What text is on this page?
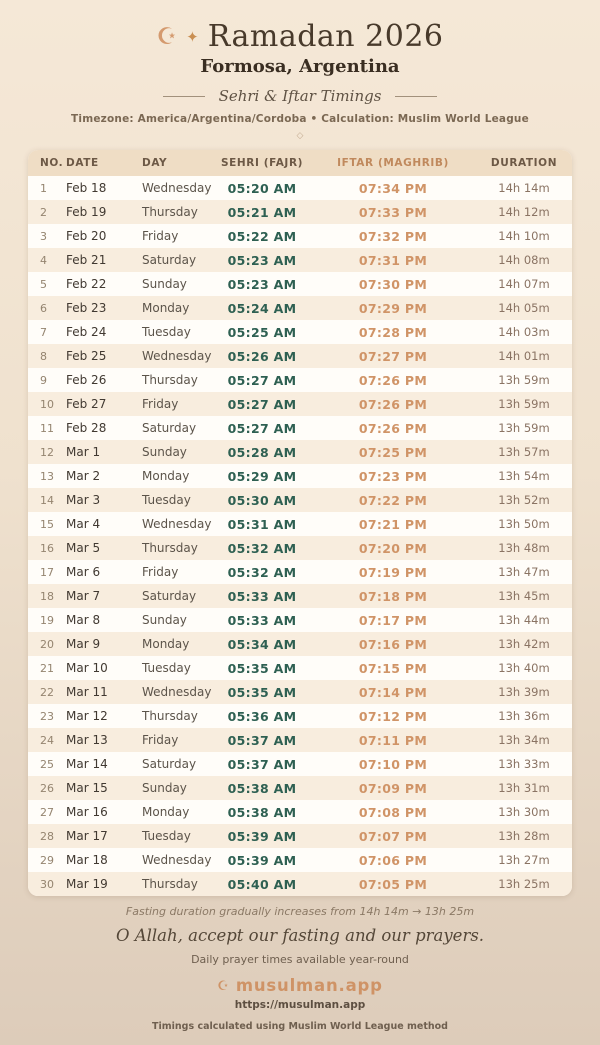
☪ ✦ Ramadan 2026
Formosa, Argentina
Sehri & Iftar Timings
Timezone: America/Argentina/Cordoba • Calculation: Muslim World League
◇
NO. DATE	DAY	SEHRI (FAJR)	IFTAR (MAGHRIB)	DURATION
1	Feb 18	Wednesday	05:20 AM	07:34 PM	14h 14m
2	Feb 19	Thursday	05:21 AM	07:33 PM	14h 12m
3	Feb 20	Friday	05:22 AM	07:32 PM	14h 10m
4	Feb 21	Saturday	05:23 AM	07:31 PM	14h 08m
5	Feb 22	Sunday	05:23 AM	07:30 PM	14h 07m
6	Feb 23	Monday	05:24 AM	07:29 PM	14h 05m
7	Feb 24	Tuesday	05:25 AM	07:28 PM	14h 03m
8	Feb 25	Wednesday	05:26 AM	07:27 PM	14h 01m
9	Feb 26	Thursday	05:27 AM	07:26 PM	13h 59m
10	Feb 27	Friday	05:27 AM	07:26 PM	13h 59m
11	Feb 28	Saturday	05:27 AM	07:26 PM	13h 59m
12	Mar 1	Sunday	05:28 AM	07:25 PM	13h 57m
13	Mar 2	Monday	05:29 AM	07:23 PM	13h 54m
14	Mar 3	Tuesday	05:30 AM	07:22 PM	13h 52m
15	Mar 4	Wednesday	05:31 AM	07:21 PM	13h 50m
16	Mar 5	Thursday	05:32 AM	07:20 PM	13h 48m
17	Mar 6	Friday	05:32 AM	07:19 PM	13h 47m
18	Mar 7	Saturday	05:33 AM	07:18 PM	13h 45m
19	Mar 8	Sunday	05:33 AM	07:17 PM	13h 44m
20	Mar 9	Monday	05:34 AM	07:16 PM	13h 42m
21	Mar 10	Tuesday	05:35 AM	07:15 PM	13h 40m
22	Mar 11	Wednesday	05:35 AM	07:14 PM	13h 39m
23	Mar 12	Thursday	05:36 AM	07:12 PM	13h 36m
24	Mar 13	Friday	05:37 AM	07:11 PM	13h 34m
25	Mar 14	Saturday	05:37 AM	07:10 PM	13h 33m
26	Mar 15	Sunday	05:38 AM	07:09 PM	13h 31m
27	Mar 16	Monday	05:38 AM	07:08 PM	13h 30m
28	Mar 17	Tuesday	05:39 AM	07:07 PM	13h 28m
29	Mar 18	Wednesday	05:39 AM	07:06 PM	13h 27m
30	Mar 19	Thursday	05:40 AM	07:05 PM	13h 25m
Fasting duration gradually increases from 14h 14m → 13h 25m
O Allah, accept our fasting and our prayers.
Daily prayer times available year-round
☪ musulman.app
https://musulman.app
Timings calculated using Muslim World League method
